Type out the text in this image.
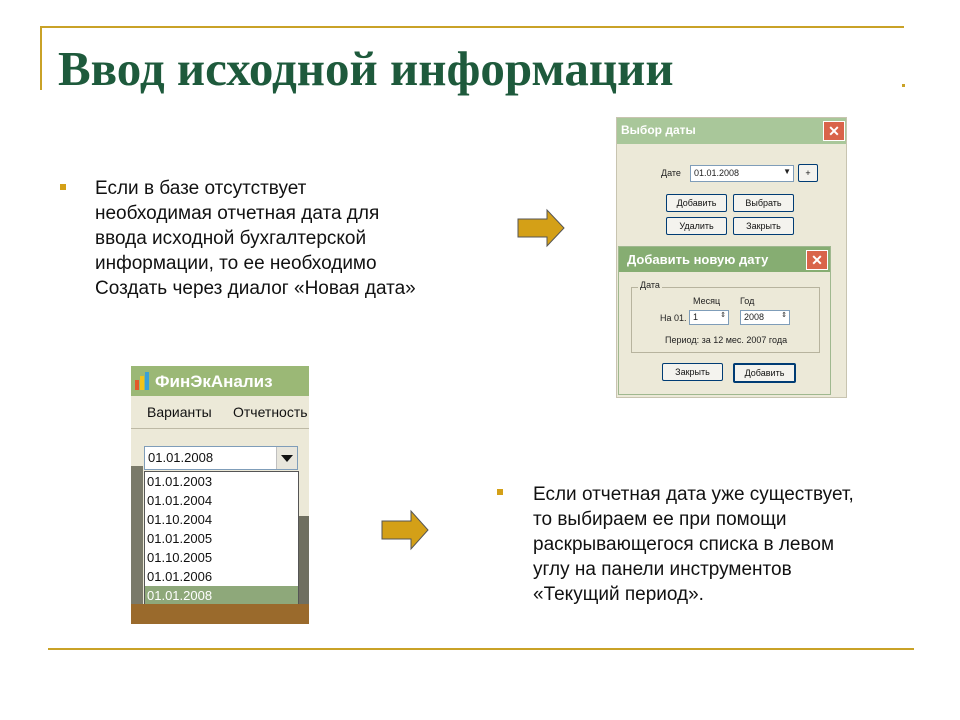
Ввод исходной информации
Если в базе отсутствует
необходимая отчетная дата для
ввода исходной бухгалтерской
информации, то ее необходимо
Создать через диалог «Новая дата»
Если отчетная дата уже существует,
то выбираем ее при помощи
раскрывающегося списка в левом
углу на панели инструментов
«Текущий период».
Выбор даты	✕
Дате 01.01.2008	▼	+
Добавить	Выбрать
Удалить	Закрыть
Добавить новую дату	✕
Дата
Месяц Год
На 01. 1	⇕ 2008 ⇕
Период: за 12 мес. 2007 года
Закрыть	Добавить
ФинЭкАнализ
Варианты Отчетность
01.01.2008
01.01.2003
01.01.2004
01.10.2004
01.01.2005
01.10.2005
01.01.2006
01.01.2008
